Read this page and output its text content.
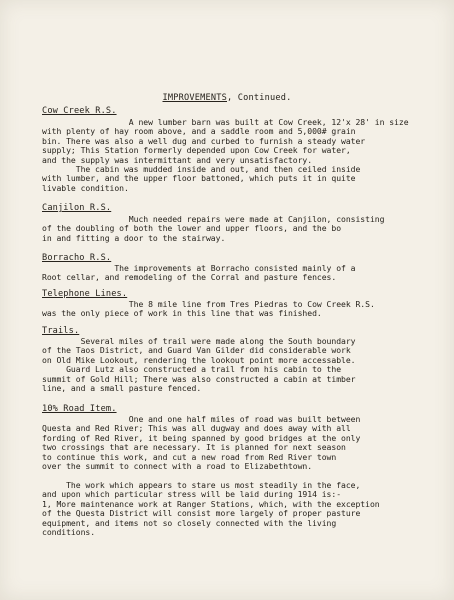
IMPROVEMENTS, Continued.
Cow Creek R.S.
A new lumber barn was built at Cow Creek, 12'x 28' in size
with plenty of hay room above, and a saddle room and 5,000# grain
bin. There was also a well dug and curbed to furnish a steady water
supply; This Station formerly depended upon Cow Creek for water,
and the supply was intermittant and very unsatisfactory.
The cabin was mudded inside and out, and then ceiled inside
with lumber, and the upper floor battoned, which puts it in quite
livable condition.
Canjilon R.S.
Much needed repairs were made at Canjilon, consisting
of the doubling of both the lower and upper floors, and the bo
in and fitting a door to the stairway.
Borracho R.S.
The improvements at Borracho consisted mainly of a
Root cellar, and remodeling of the Corral and pasture fences.
Telephone Lines.
The 8 mile line from Tres Piedras to Cow Creek R.S.
was the only piece of work in this line that was finished.
Trails.
Several miles of trail were made along the South boundary
of the Taos District, and Guard Van Gilder did considerable work
on Old Mike Lookout, rendering the lookout point more accessable.
Guard Lutz also constructed a trail from his cabin to the
summit of Gold Hill; There was also constructed a cabin at timber
line, and a small pasture fenced.
10% Road Item.
One and one half miles of road was built between
Questa and Red River; This was all dugway and does away with all
fording of Red River, it being spanned by good bridges at the only
two crossings that are necessary. It is planned for next season
to continue this work, and cut a new road from Red River town
over the summit to connect with a road to Elizabethtown.
The work which appears to stare us most steadily in the face,
and upon which particular stress will be laid during 1914 is:-
1, More maintenance work at Ranger Stations, which, with the exception
of the Questa District will consist more largely of proper pasture
equipment, and items not so closely connected with the living
conditions.
